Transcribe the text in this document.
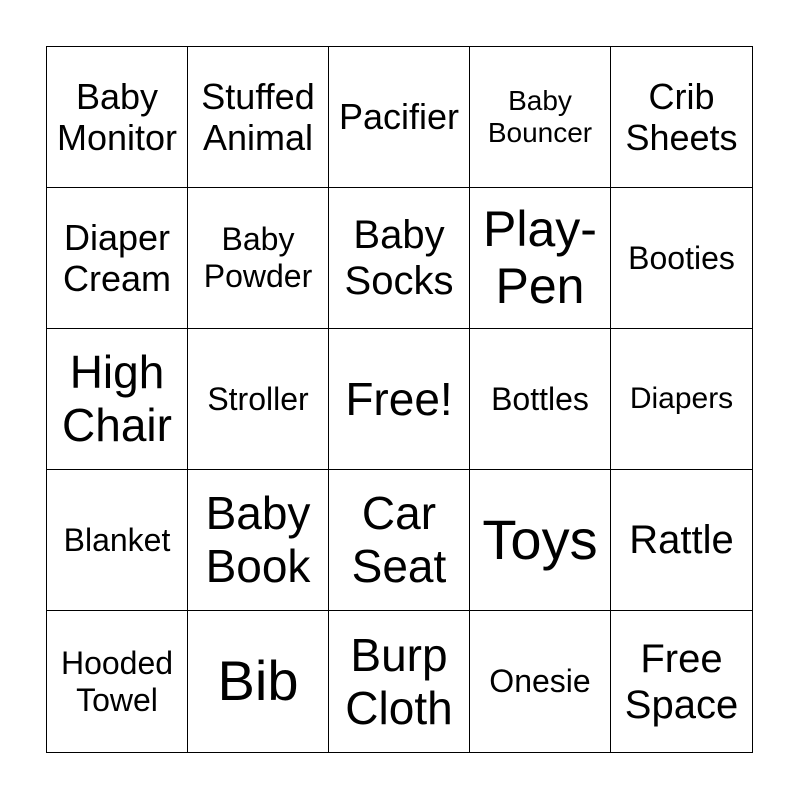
Baby
Monitor
Stuffed
Animal
Pacifier	Baby
Bouncer
Crib
Sheets
Diaper
Cream
Baby
Powder
Baby
Socks
Play-
Pen
Booties
High
Chair
Stroller Free! Bottles Diapers
Blanket
Baby
Book
Car
Seat Toys Rattle
Hooded
Towel Bib Burp
Cloth
Onesie
Free
Space
